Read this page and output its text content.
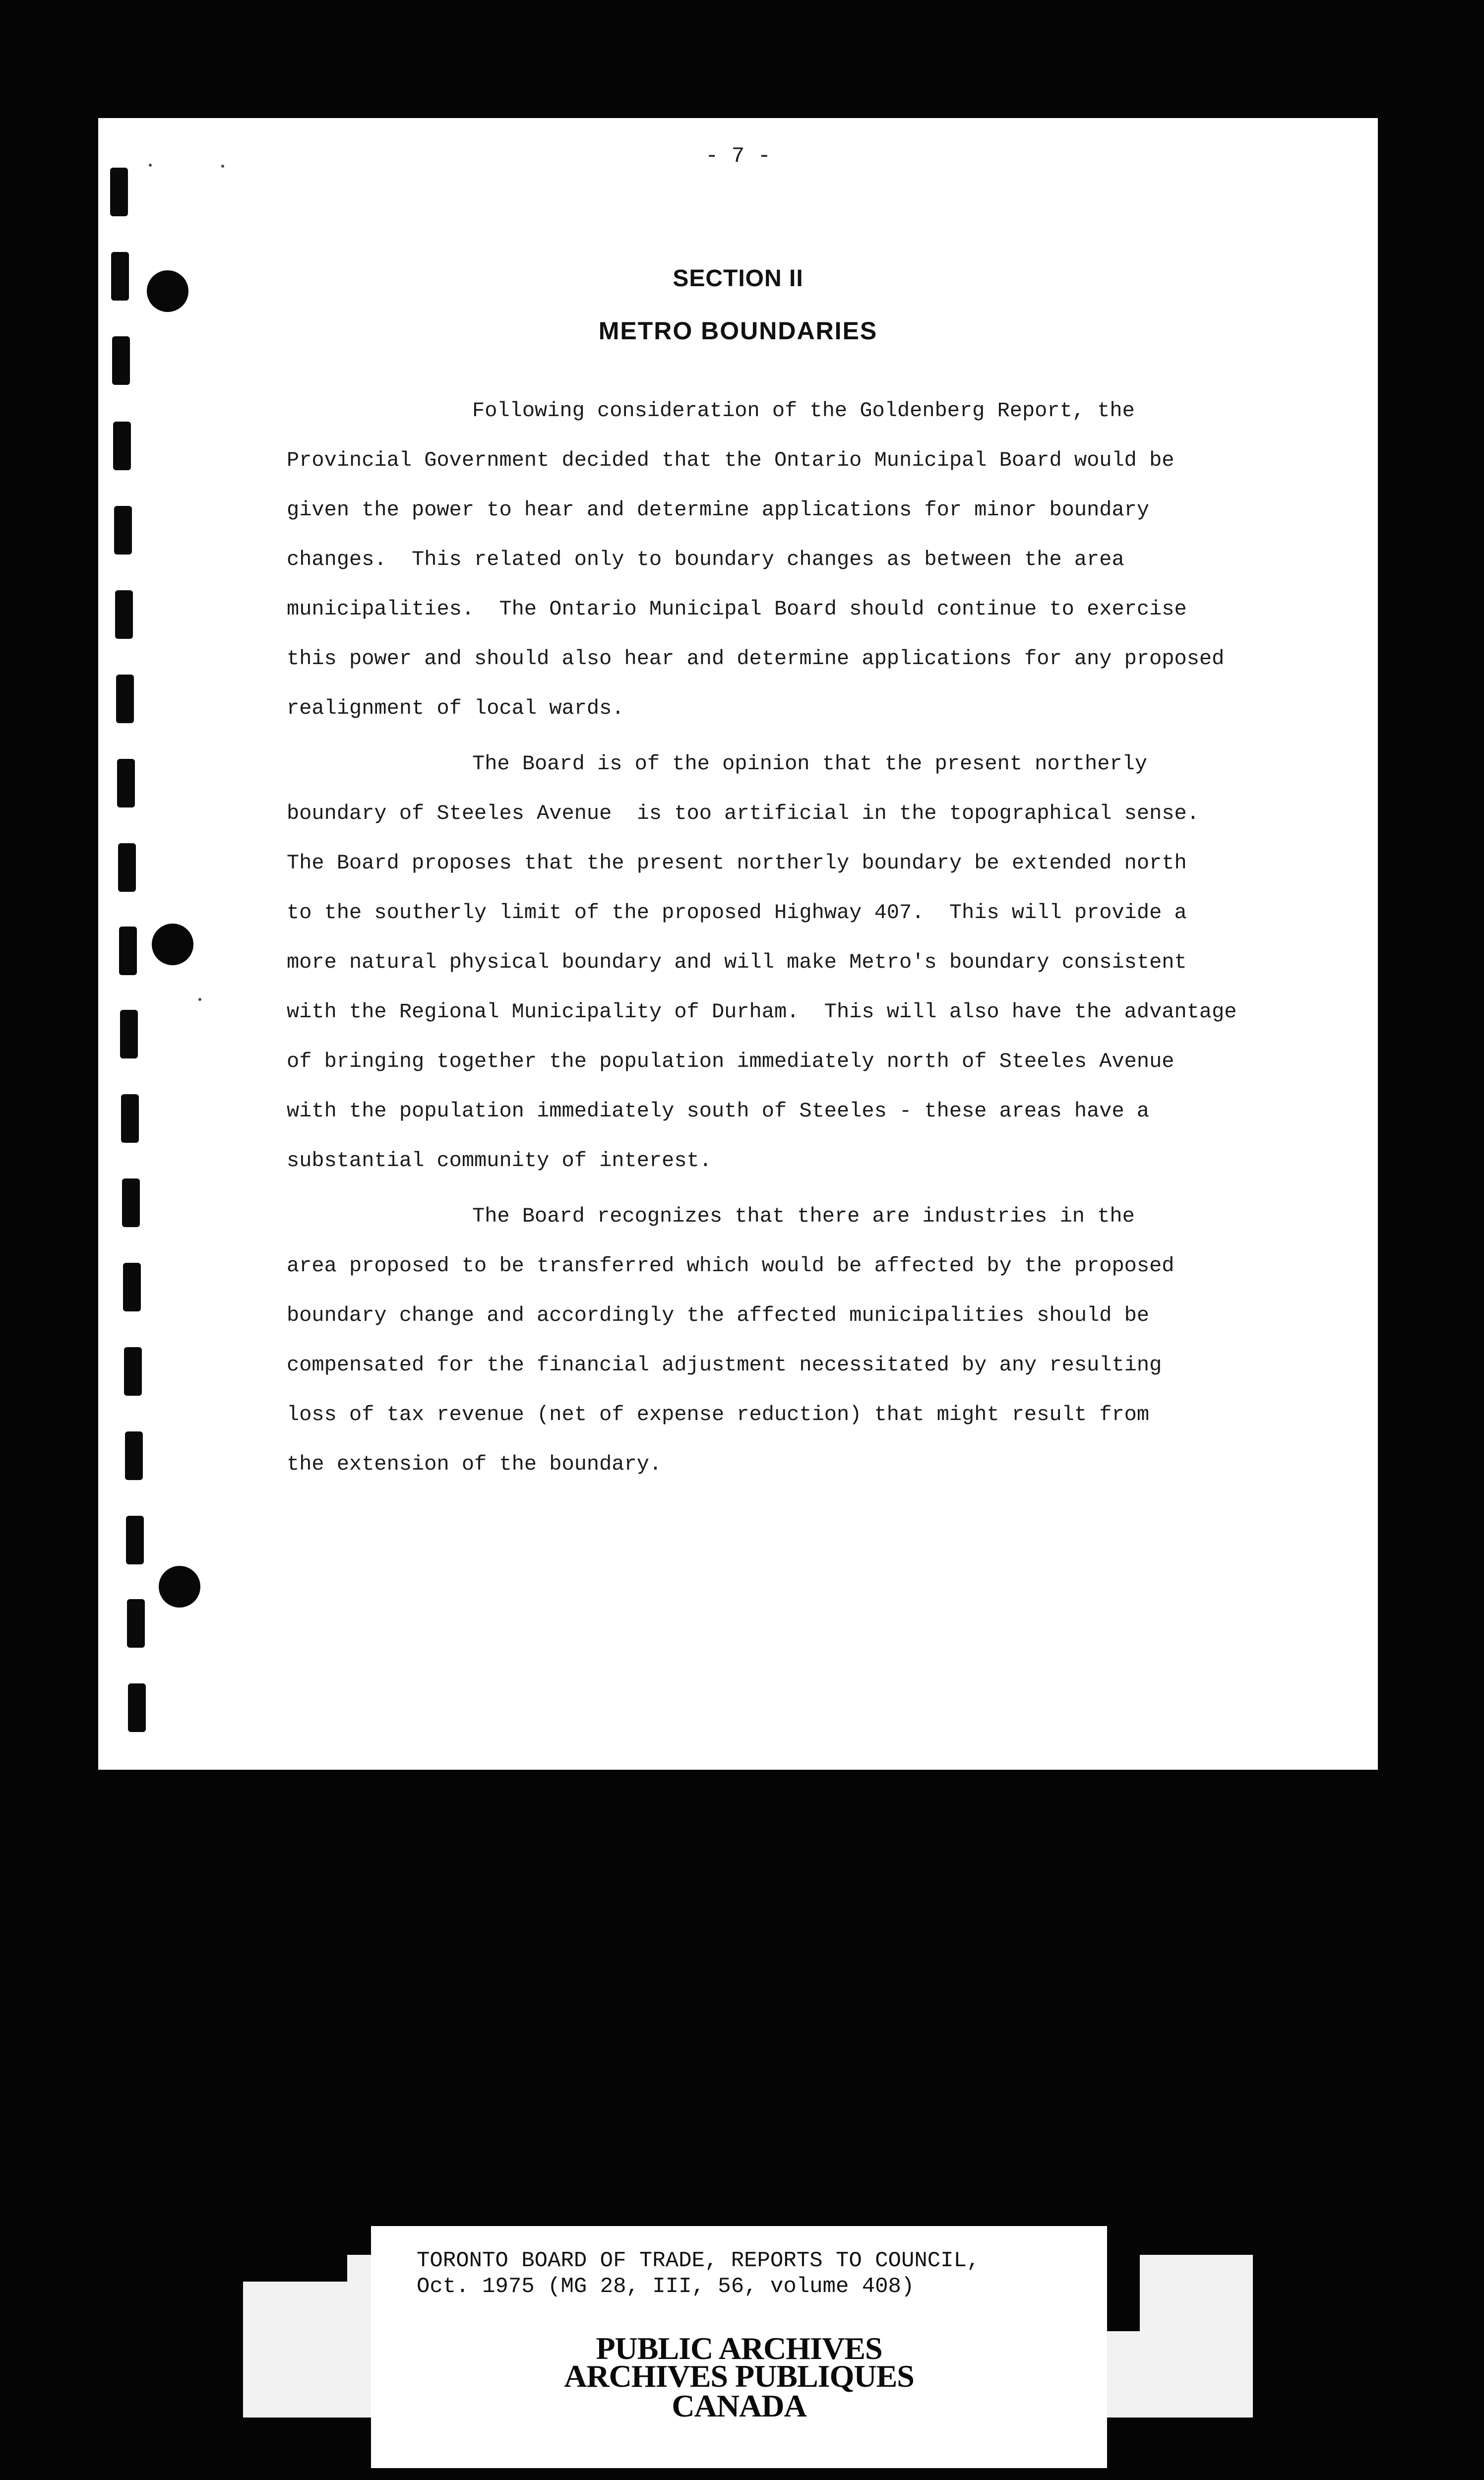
- 7 -
SECTION II
METRO BOUNDARIES
Following consideration of the Goldenberg Report, the
Provincial Government decided that the Ontario Municipal Board would be
given the power to hear and determine applications for minor boundary
changes.  This related only to boundary changes as between the area
municipalities.  The Ontario Municipal Board should continue to exercise
this power and should also hear and determine applications for any proposed
realignment of local wards.
The Board is of the opinion that the present northerly
boundary of Steeles Avenue  is too artificial in the topographical sense.
The Board proposes that the present northerly boundary be extended north
to the southerly limit of the proposed Highway 407.  This will provide a
more natural physical boundary and will make Metro's boundary consistent
with the Regional Municipality of Durham.  This will also have the advantage
of bringing together the population immediately north of Steeles Avenue
with the population immediately south of Steeles - these areas have a
substantial community of interest.
The Board recognizes that there are industries in the
area proposed to be transferred which would be affected by the proposed
boundary change and accordingly the affected municipalities should be
compensated for the financial adjustment necessitated by any resulting
loss of tax revenue (net of expense reduction) that might result from
the extension of the boundary.
TORONTO BOARD OF TRADE, REPORTS TO COUNCIL,
Oct. 1975 (MG 28, III, 56, volume 408)
PUBLIC ARCHIVES
ARCHIVES PUBLIQUES
CANADA
